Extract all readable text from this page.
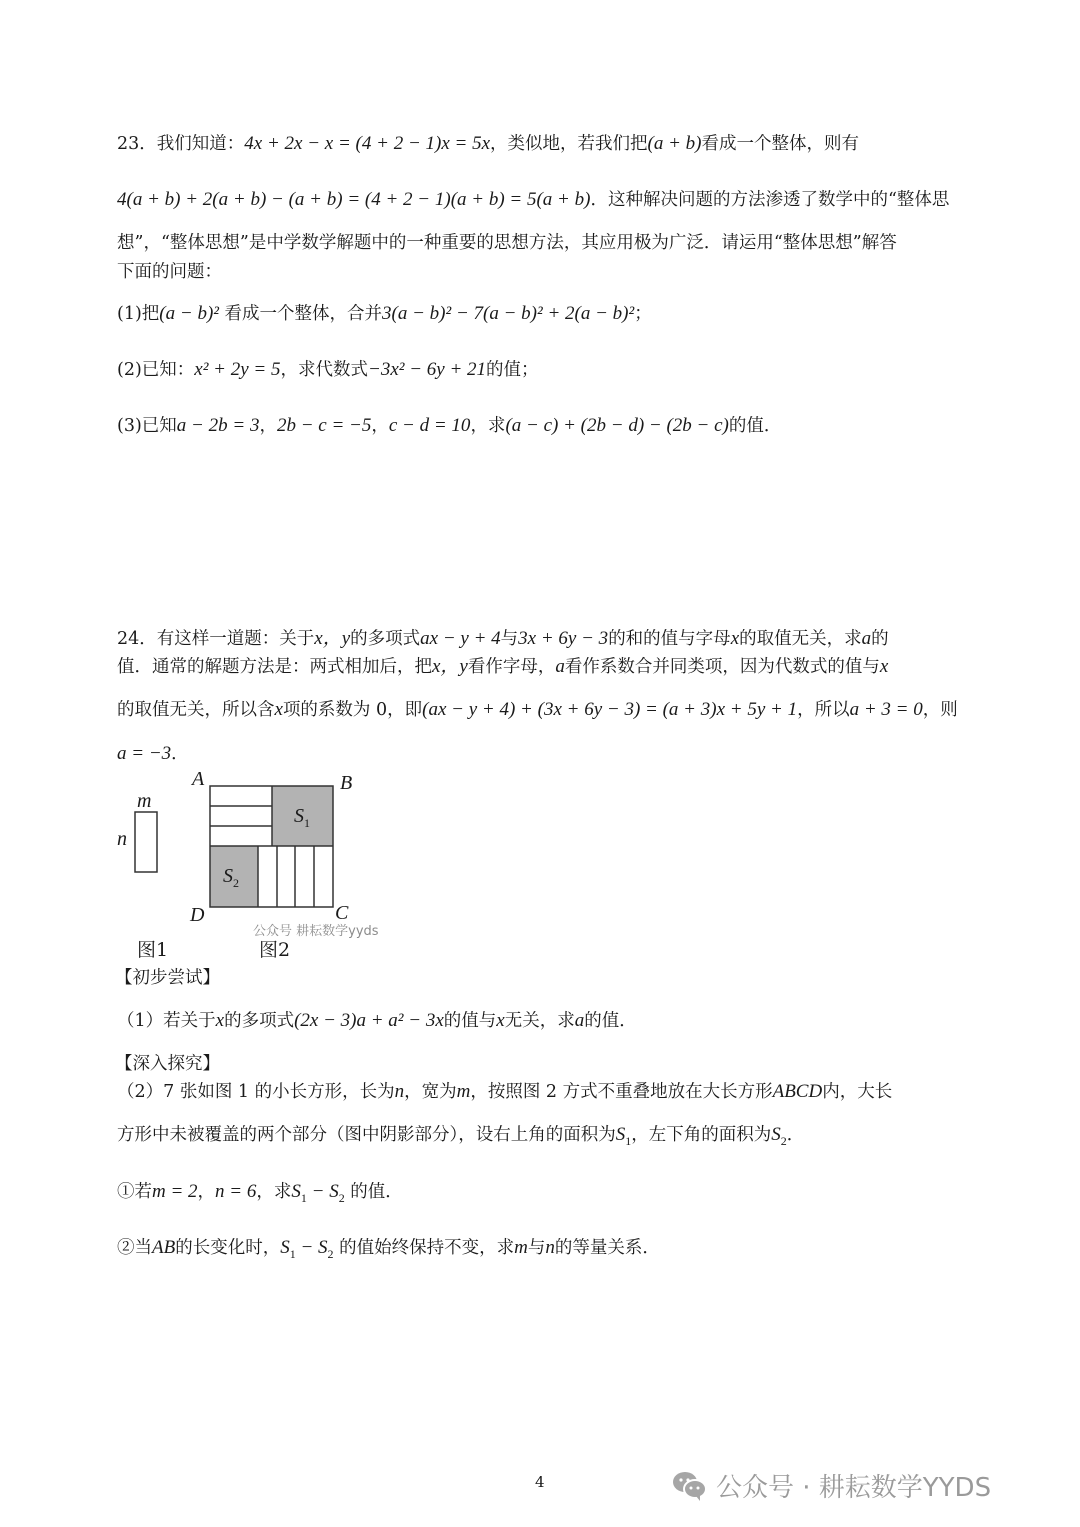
23．我们知道：4x + 2x − x = (4 + 2 − 1)x = 5x，类似地，若我们把(a + b)看成一个整体，则有
4(a + b) + 2(a + b) − (a + b) = (4 + 2 − 1)(a + b) = 5(a + b)．这种解决问题的方法渗透了数学中的“整体思
想”，“整体思想”是中学数学解题中的一种重要的思想方法，其应用极为广泛．请运用“整体思想”解答
下面的问题：
(1)把(a − b)² 看成一个整体，合并3(a − b)² − 7(a − b)² + 2(a − b)²；
(2)已知：x² + 2y = 5，求代数式−3x² − 6y + 21的值；
(3)已知a − 2b = 3，2b − c = −5，c − d = 10，求(a − c) + (2b − d) − (2b − c)的值．
24．有这样一道题：关于x，y的多项式ax − y + 4与3x + 6y − 3的和的值与字母x的取值无关，求a的
值．通常的解题方法是：两式相加后，把x，y看作字母，a看作系数合并同类项，因为代数式的值与x
的取值无关，所以含x项的系数为 0，即(ax − y + 4) + (3x + 6y − 3) = (a + 3)x + 5y + 1，所以a + 3 = 0，则
a = −3．
m
n
A	B
C
D
$S_1$
$S_2$
公众号 耕耘数学yyds
图1	图2
【初步尝试】
（1）若关于x的多项式(2x − 3)a + a² − 3x的值与x无关，求a的值．
【深入探究】
（2）7 张如图 1 的小长方形，长为n，宽为m，按照图 2 方式不重叠地放在大长方形ABCD内，大长
方形中未被覆盖的两个部分（图中阴影部分），设右上角的面积为$S_1$，左下角的面积为$S_2$．
①若m = 2，n = 6，求$S_1 - S_2$ 的值．
②当AB的长变化时，$S_1 - S_2$ 的值始终保持不变，求m与n的等量关系．
4	公众号 · 耕耘数学YYDS
